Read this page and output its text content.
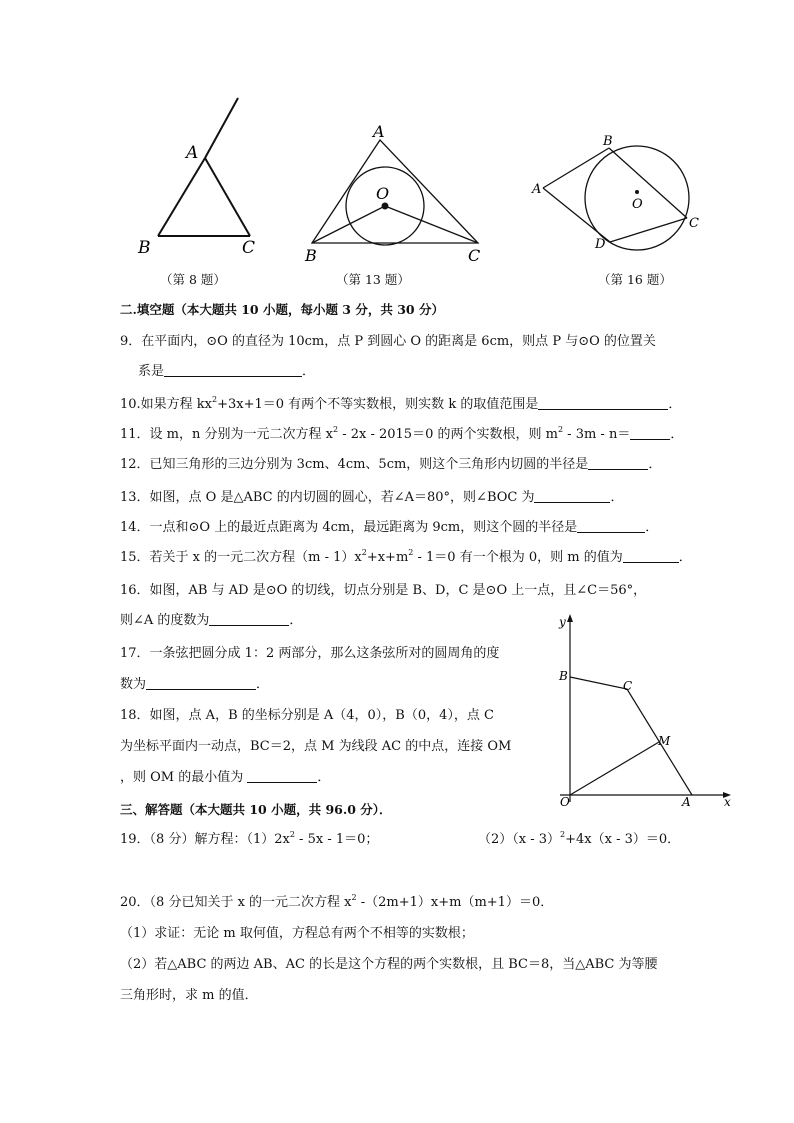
A
B	C
（第 8 题）
A
O
B	C
（第 13 题）
A
B
O
C
D
（第 16 题）
二.填空题（本大题共 10 小题，每小题 3 分，共 30 分）
9．在平面内，⊙O 的直径为 10cm，点 P 到圆心 O 的距离是 6cm，则点 P 与⊙O 的位置关
系是	．
10.如果方程 $kx^2+3x+1=0$ 有两个不等实数根，则实数 k 的取值范围是	．
11．设 m，n 分别为一元二次方程 $x^2 - 2x - 2015=0$ 的两个实数根，则 $m^2 - 3m - n=$	．
12．已知三角形的三边分别为 3cm、4cm、5cm，则这个三角形内切圆的半径是	．
13．如图，点 O 是△ABC 的内切圆的圆心，若∠A＝80°，则∠BOC 为	．
14．一点和⊙O 上的最近点距离为 4cm，最远距离为 9cm，则这个圆的半径是	．
15．若关于 x 的一元二次方程$(m - 1)x^2+x+m^2 - 1=0$ 有一个根为 0，则 m 的值为	．
16．如图，AB 与 AD 是⊙O 的切线，切点分别是 B、D，C 是⊙O 上一点，且∠C＝56°，
则∠A 的度数为	．
17．一条弦把圆分成 1：2 两部分，那么这条弦所对的圆周角的度
数为	．
18．如图，点 A，B 的坐标分别是 A（4，0），B（0，4），点 C
为坐标平面内一动点，BC＝2，点 M 为线段 AC 的中点，连接 OM
，则 OM 的最小值为	．
y
B
C
M
O	A	x
三、解答题（本大题共 10 小题，共 96.0 分）．
19．（8 分）解方程：$(1)2x^2 - 5x - 1=0$；	（2）（x - 3）$^2$+4x（x - 3）＝0．
20．（8 分已知关于 x 的一元二次方程 $x^2$ -（2m+1）x+m（m+1）＝0．
（1）求证：无论 m 取何值，方程总有两个不相等的实数根；
（2）若△ABC 的两边 AB、AC 的长是这个方程的两个实数根，且 BC＝8，当△ABC 为等腰
三角形时，求 m 的值．
